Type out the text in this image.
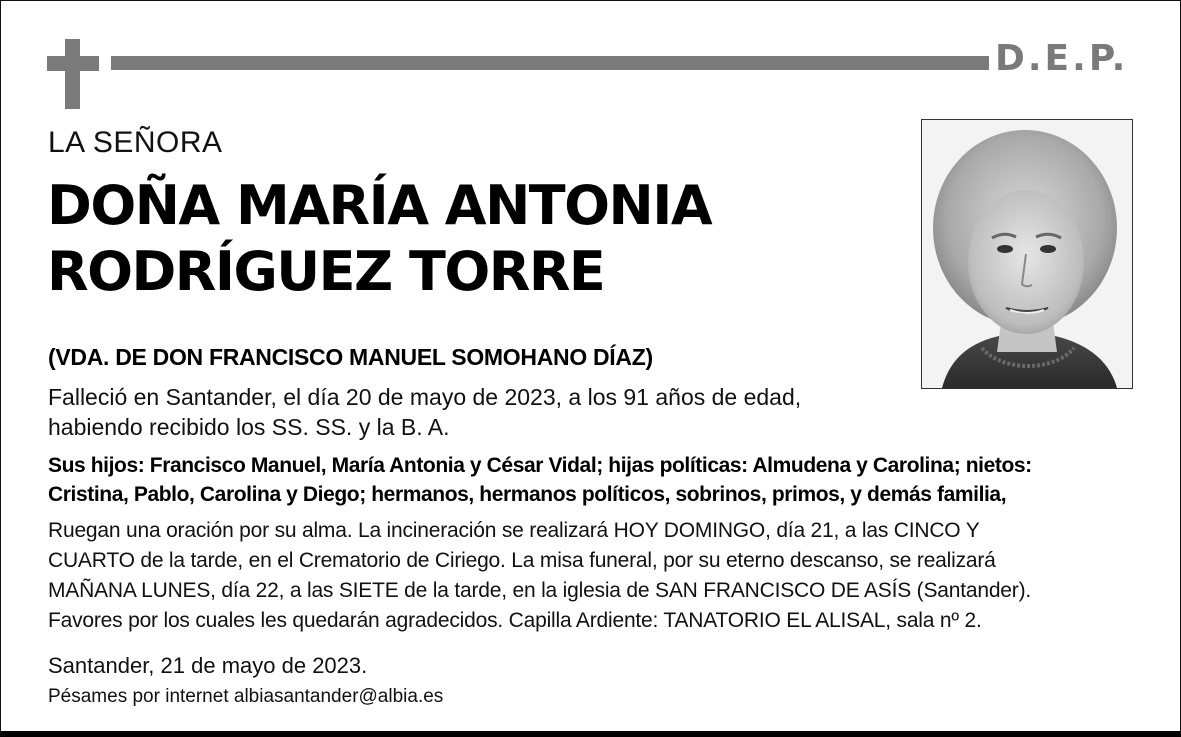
D.E.P.
LA SEÑORA
DOÑA MARÍA ANTONIA
RODRÍGUEZ TORRE
(VDA. DE DON FRANCISCO MANUEL SOMOHANO DÍAZ)
Falleció en Santander, el día 20 de mayo de 2023, a los 91 años de edad,
habiendo recibido los SS. SS. y la B. A.
Sus hijos: Francisco Manuel, María Antonia y César Vidal; hijas políticas: Almudena y Carolina; nietos:
Cristina, Pablo, Carolina y Diego; hermanos, hermanos políticos, sobrinos, primos, y demás familia,
Ruegan una oración por su alma. La incineración se realizará HOY DOMINGO, día 21, a las CINCO Y
CUARTO de la tarde, en el Crematorio de Ciriego. La misa funeral, por su eterno descanso, se realizará
MAÑANA LUNES, día 22, a las SIETE de la tarde, en la iglesia de SAN FRANCISCO DE ASÍS (Santander).
Favores por los cuales les quedarán agradecidos. Capilla Ardiente: TANATORIO EL ALISAL, sala nº 2.
Santander, 21 de mayo de 2023.
Pésames por internet albiasantander@albia.es
